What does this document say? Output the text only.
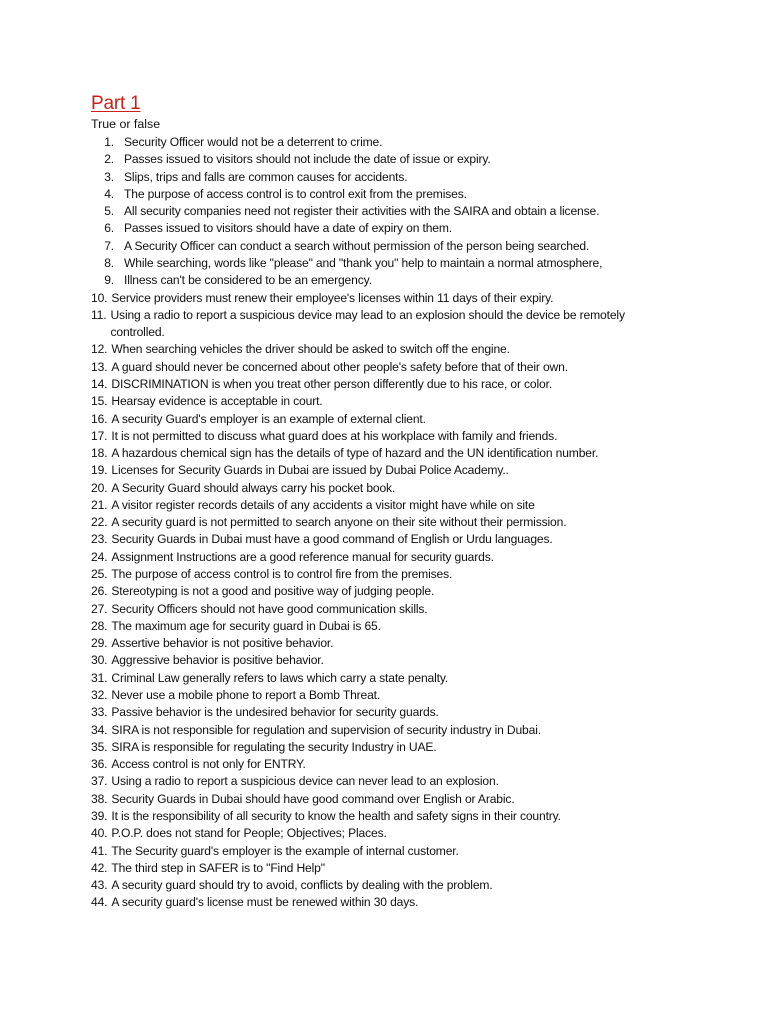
Part 1

True or false

1. Security Officer would not be a deterrent to crime.
2. Passes issued to visitors should not include the date of issue or expiry.
3. Slips, trips and falls are common causes for accidents.
4. The purpose of access control is to control exit from the premises.
5. All security companies need not register their activities with the SAIRA and obtain a license.
6. Passes issued to visitors should have a date of expiry on them.
7. A Security Officer can conduct a search without permission of the person being searched.
8. While searching, words like "please" and "thank you" help to maintain a normal atmosphere,
9. Illness can't be considered to be an emergency.
10. Service providers must renew their employee's licenses within 11 days of their expiry.
11. Using a radio to report a suspicious device may lead to an explosion should the device be remotely controlled.
12. When searching vehicles the driver should be asked to switch off the engine.
13. A guard should never be concerned about other people's safety before that of their own.
14. DISCRIMINATION is when you treat other person differently due to his race, or color.
15. Hearsay evidence is acceptable in court.
16. A security Guard's employer is an example of external client.
17. It is not permitted to discuss what guard does at his workplace with family and friends.
18. A hazardous chemical sign has the details of type of hazard and the UN identification number.
19. Licenses for Security Guards in Dubai are issued by Dubai Police Academy..
20. A Security Guard should always carry his pocket book.
21. A visitor register records details of any accidents a visitor might have while on site
22. A security guard is not permitted to search anyone on their site without their permission.
23. Security Guards in Dubai must have a good command of English or Urdu languages.
24. Assignment Instructions are a good reference manual for security guards.
25. The purpose of access control is to control fire from the premises.
26. Stereotyping is not a good and positive way of judging people.
27. Security Officers should not have good communication skills.
28. The maximum age for security guard in Dubai is 65.
29. Assertive behavior is not positive behavior.
30. Aggressive behavior is positive behavior.
31. Criminal Law generally refers to laws which carry a state penalty.
32. Never use a mobile phone to report a Bomb Threat.
33. Passive behavior is the undesired behavior for security guards.
34. SIRA is not responsible for regulation and supervision of security industry in Dubai.
35. SIRA is responsible for regulating the security Industry in UAE.
36. Access control is not only for ENTRY.
37. Using a radio to report a suspicious device can never lead to an explosion.
38. Security Guards in Dubai should have good command over English or Arabic.
39. It is the responsibility of all security to know the health and safety signs in their country.
40. P.O.P. does not stand for People; Objectives; Places.
41. The Security guard's employer is the example of internal customer.
42. The third step in SAFER is to "Find Help"
43. A security guard should try to avoid, conflicts by dealing with the problem.
44. A security guard's license must be renewed within 30 days.
